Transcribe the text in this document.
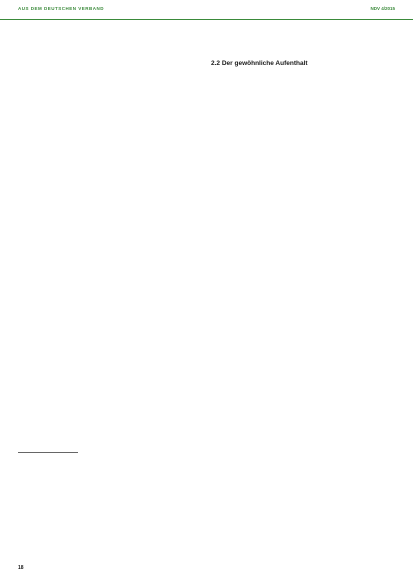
AUS DEM DEUTSCHEN VERBAND	NDV 4/2015
2.2 Der gewöhnliche Aufenthalt
18
